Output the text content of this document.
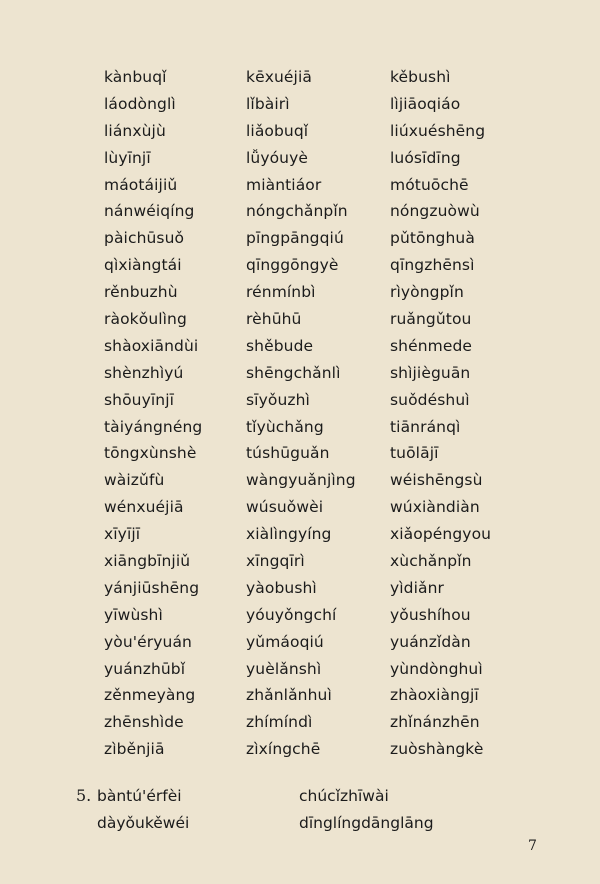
kànbuqǐ
láodònglì
liánxùjù
lùyīnjī
máotáijiǔ
nánwéiqíng
pàichūsuǒ
qìxiàngtái
rěnbuzhù
ràokǒulìng
shàoxiāndùi
shènzhìyú
shōuyīnjī
tàiyángnéng
tōngxùnshè
wàizǔfù
wénxuéjiā
xīyījī
xiāngbīnjiǔ
yánjiūshēng
yīwùshì
yòu'éryuán
yuánzhūbǐ
zěnmeyàng
zhēnshìde
zìběnjiā
kēxuéjiā
lǐbàirì
liǎobuqǐ
lǚyóuyè
miàntiáor
nóngchǎnpǐn
pīngpāngqiú
qīnggōngyè
rénmínbì
rèhūhū
shěbude
shēngchǎnlì
sīyǒuzhì
tǐyùchǎng
túshūguǎn
wàngyuǎnjìng
wúsuǒwèi
xiàlìngyíng
xīngqīrì
yàobushì
yóuyǒngchí
yǔmáoqiú
yuèlǎnshì
zhǎnlǎnhuì
zhímíndì
zìxíngchē
kěbushì
lìjiāoqiáo
liúxuéshēng
luósīdīng
mótuōchē
nóngzuòwù
pǔtōnghuà
qīngzhēnsì
rìyòngpǐn
ruǎngǔtou
shénmede
shìjièguān
suǒdéshuì
tiānránqì
tuōlājī
wéishēngsù
wúxiàndiàn
xiǎopéngyou
xùchǎnpǐn
yìdiǎnr
yǒushíhou
yuánzǐdàn
yùndònghuì
zhàoxiàngjī
zhǐnánzhēn
zuòshàngkè
5. bàntú'érfèi
dàyǒukěwéi
chúcǐzhīwài
dīnglíngdānglāng
7
